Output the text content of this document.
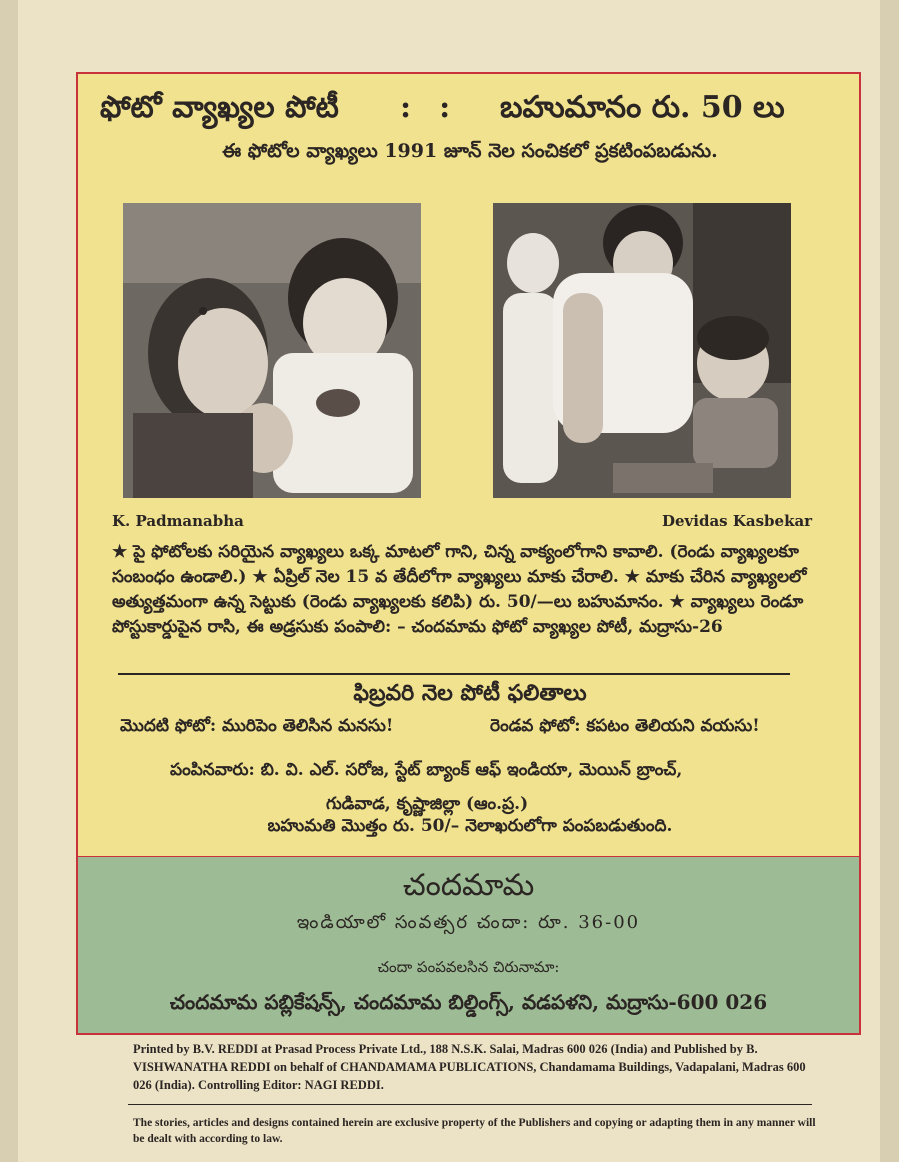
ఫోటో వ్యాఖ్యల పోటీ :: బహుమానం రు. 50 లు
ఈ ఫోటోల వ్యాఖ్యలు 1991 జూన్ నెల సంచికలో ప్రకటింపబడును.
K. Padmanabha	Devidas Kasbekar
★ పై ఫోటోలకు సరియైన వ్యాఖ్యలు ఒక్క మాటలో గాని, చిన్న వాక్యంలోగాని కావాలి. (రెండు వ్యాఖ్యలకూ సంబంధం ఉండాలి.) ★ ఏప్రిల్ నెల 15 వ తేదీలోగా వ్యాఖ్యలు మాకు చేరాలి. ★ మాకు చేరిన వ్యాఖ్యలలో అత్యుత్తమంగా ఉన్న సెట్టుకు (రెండు వ్యాఖ్యలకు కలిపి) రు. 50/—లు బహుమానం. ★ వ్యాఖ్యలు రెండూ పోస్టుకార్డుపైన రాసి, ఈ అడ్రసుకు పంపాలి: – చందమామ ఫోటో వ్యాఖ్యల పోటీ, మద్రాసు-26
ఫిబ్రవరి నెల పోటీ ఫలితాలు
మొదటి ఫోటో: మురిపెం తెలిసిన మనసు!	రెండవ ఫోటో: కపటం తెలియని వయసు!
పంపినవారు: బి. వి. ఎల్. సరోజ, స్టేట్ బ్యాంక్ ఆఫ్ ఇండియా, మెయిన్ బ్రాంచ్,
గుడివాడ, కృష్ణాజిల్లా (ఆం.ప్ర.)
బహుమతి మొత్తం రు. 50/– నెలాఖరులోగా పంపబడుతుంది.
చందమామ
ఇండియాలో సంవత్సర చందా: రూ. 36-00
చందా పంపవలసిన చిరునామా:
చందమామ పబ్లికేషన్స్, చందమామ బిల్డింగ్స్, వడపళని, మద్రాసు-600 026
Printed by B.V. REDDI at Prasad Process Private Ltd., 188 N.S.K. Salai, Madras 600 026 (India) and Published by B. VISHWANATHA REDDI on behalf of CHANDAMAMA PUBLICATIONS, Chandamama Buildings, Vadapalani, Madras 600 026 (India). Controlling Editor: NAGI REDDI.
The stories, articles and designs contained herein are exclusive property of the Publishers and copying or adapting them in any manner will be dealt with according to law.
